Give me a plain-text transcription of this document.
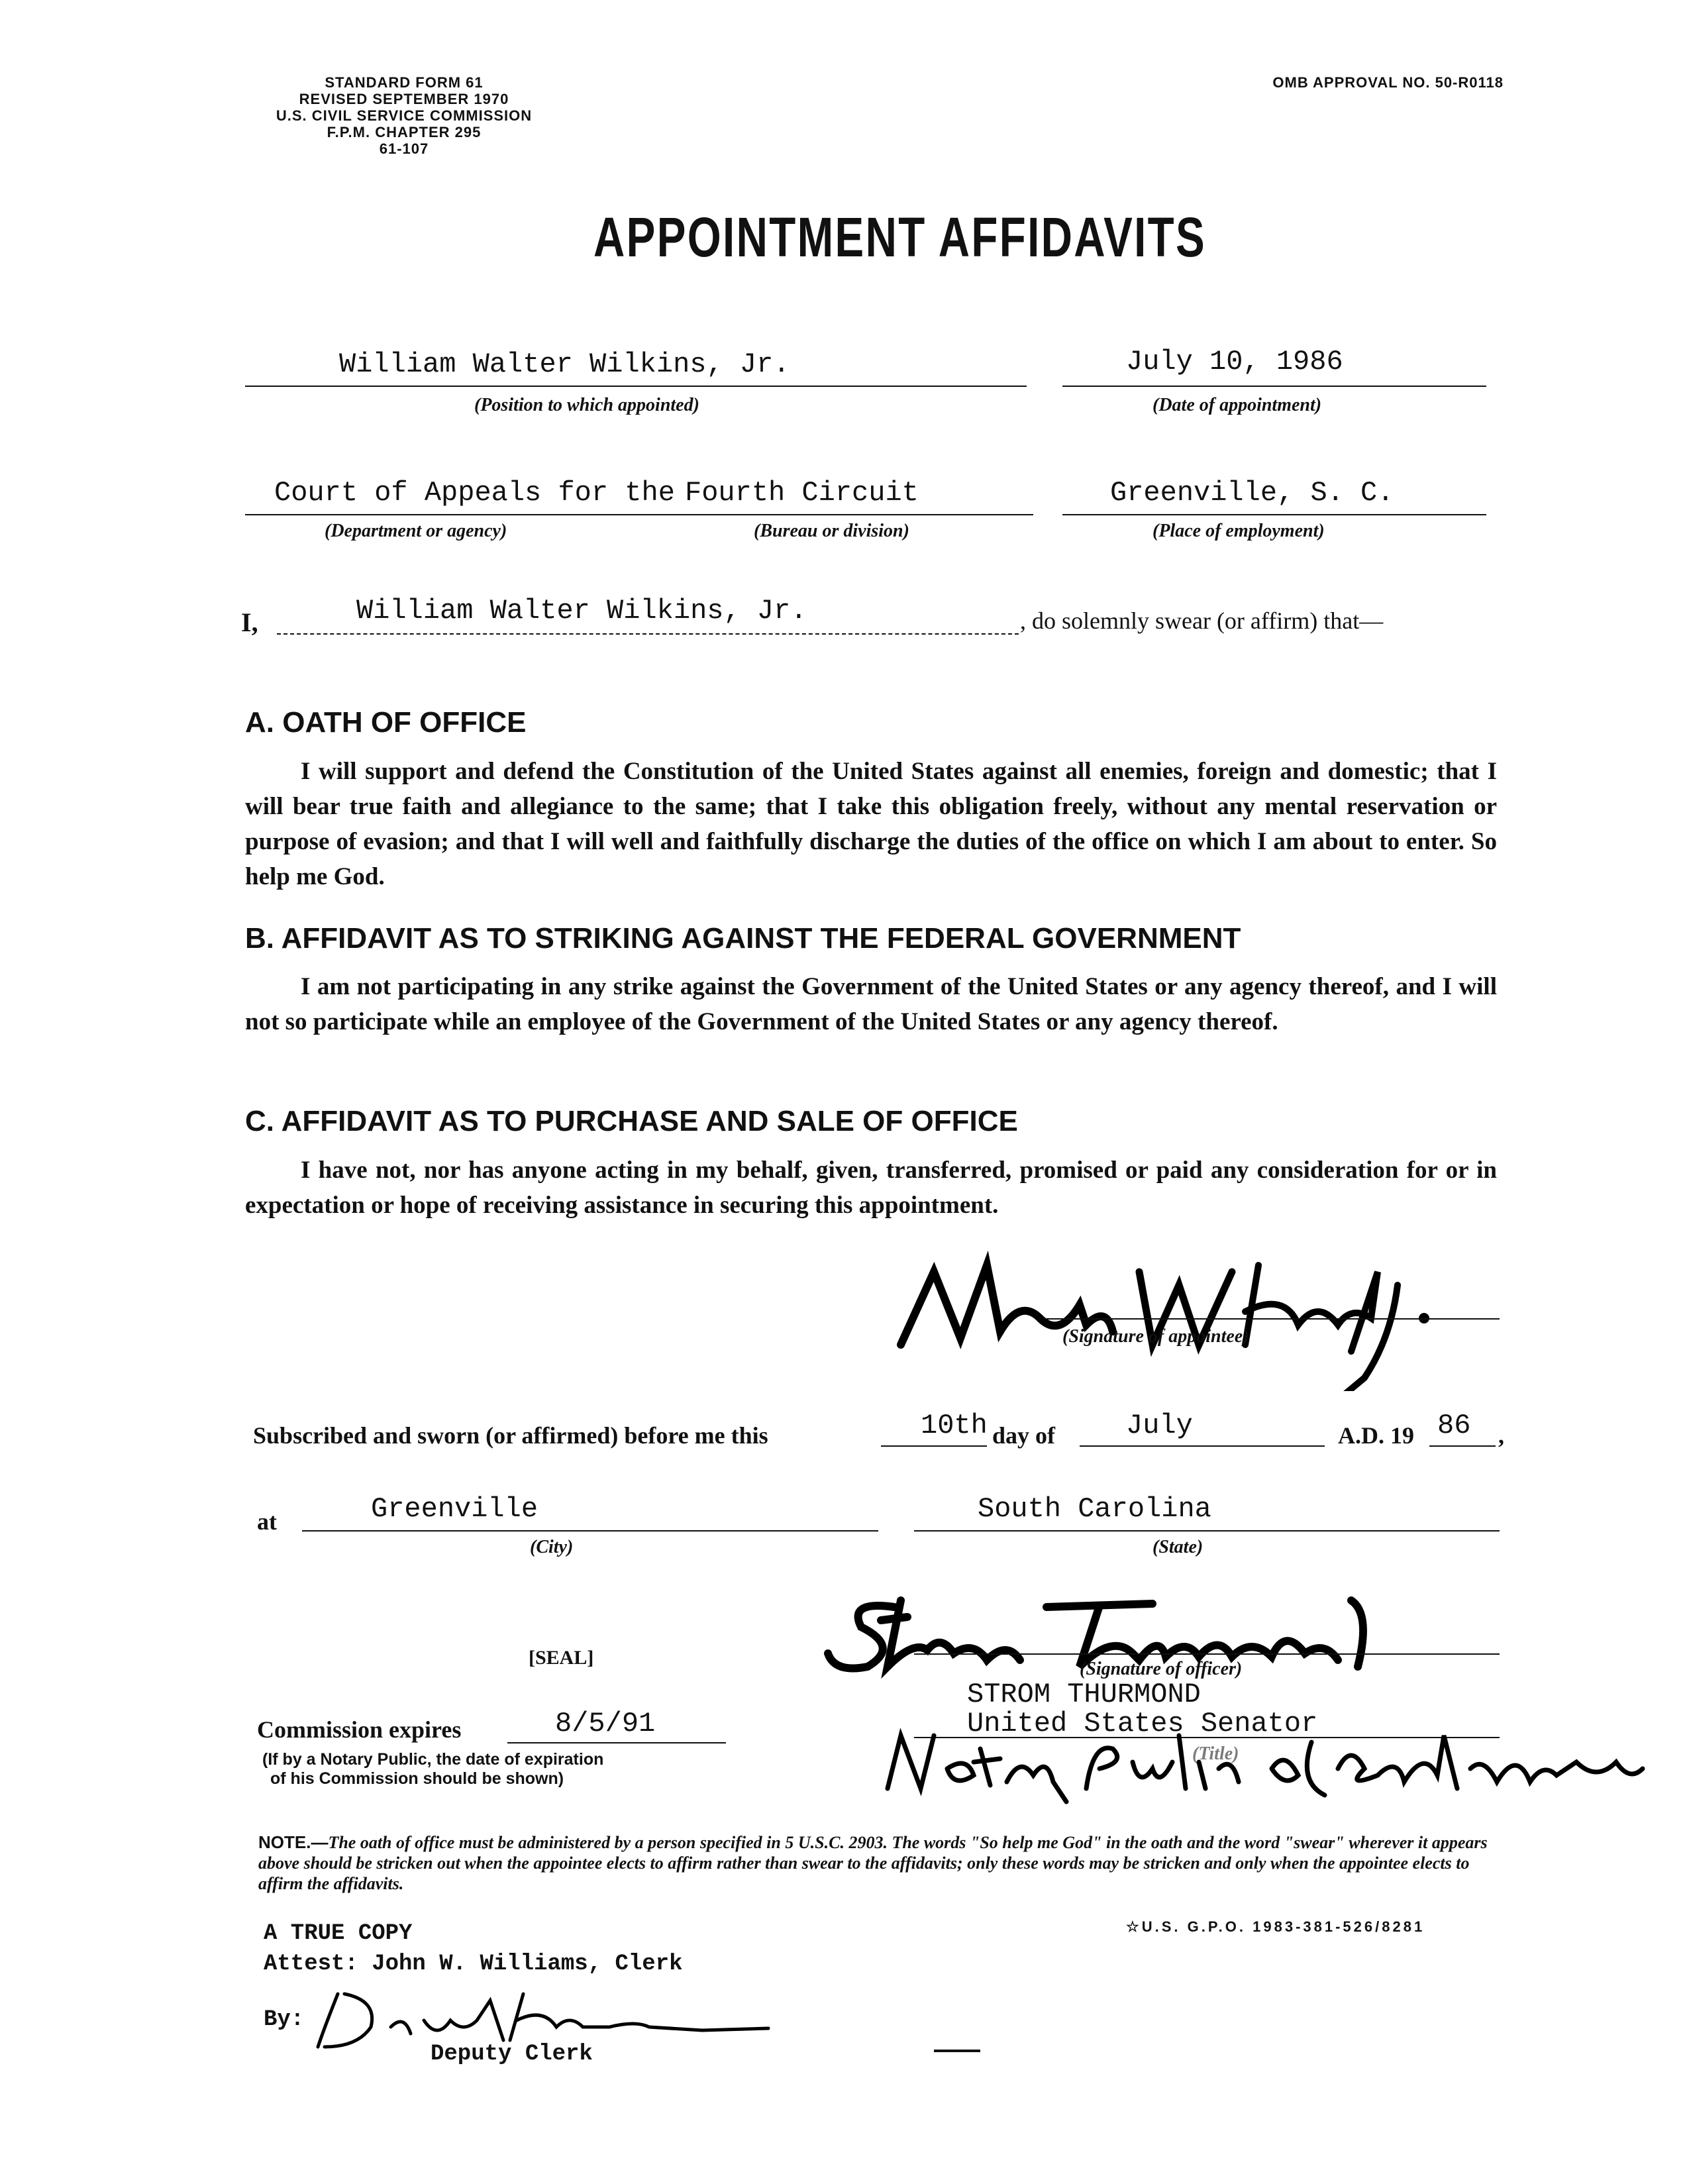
STANDARD FORM 61
REVISED SEPTEMBER 1970
U.S. CIVIL SERVICE COMMISSION
F.P.M. CHAPTER 295
61-107
OMB APPROVAL NO. 50-R0118
APPOINTMENT AFFIDAVITS
William Walter Wilkins, Jr.
(Position to which appointed)
July 10, 1986
(Date of appointment)
Court of Appeals for the Fourth Circuit
(Department or agency)	(Bureau or division)
Greenville, S. C.
(Place of employment)
I,	William Walter Wilkins, Jr.	, do solemnly swear (or affirm) that—
A. OATH OF OFFICE
I will support and defend the Constitution of the United States against all enemies, foreign and domestic; that I will bear true faith and allegiance to the same; that I take this obligation freely, without any mental reservation or purpose of evasion; and that I will well and faithfully discharge the duties of the office on which I am about to enter. So help me God.
B. AFFIDAVIT AS TO STRIKING AGAINST THE FEDERAL GOVERNMENT
I am not participating in any strike against the Government of the United States or any agency thereof, and I will not so participate while an employee of the Government of the United States or any agency thereof.
C. AFFIDAVIT AS TO PURCHASE AND SALE OF OFFICE
I have not, nor has anyone acting in my behalf, given, transferred, promised or paid any consideration for or in expectation or hope of receiving assistance in securing this appointment.
(Signature of appointee)
Subscribed and sworn (or affirmed) before me this	10th day of	July	A.D. 19 86 ,
at	Greenville
(City)
South Carolina
(State)
[SEAL]
(Signature of officer)
STROM THURMOND
United States Senator
(Title)
Commission expires	8/5/91
(If by a Notary Public, the date of expiration
of his Commission should be shown)
NOTE.—The oath of office must be administered by a person specified in 5 U.S.C. 2903. The words "So help me God" in the oath and the word "swear" wherever it appears above should be stricken out when the appointee elects to affirm rather than swear to the affidavits; only these words may be stricken and only when the appointee elects to affirm the affidavits.
A TRUE COPY
Attest: John W. Williams, Clerk
By:
Deputy Clerk
☆U.S. G.P.O. 1983-381-526/8281
